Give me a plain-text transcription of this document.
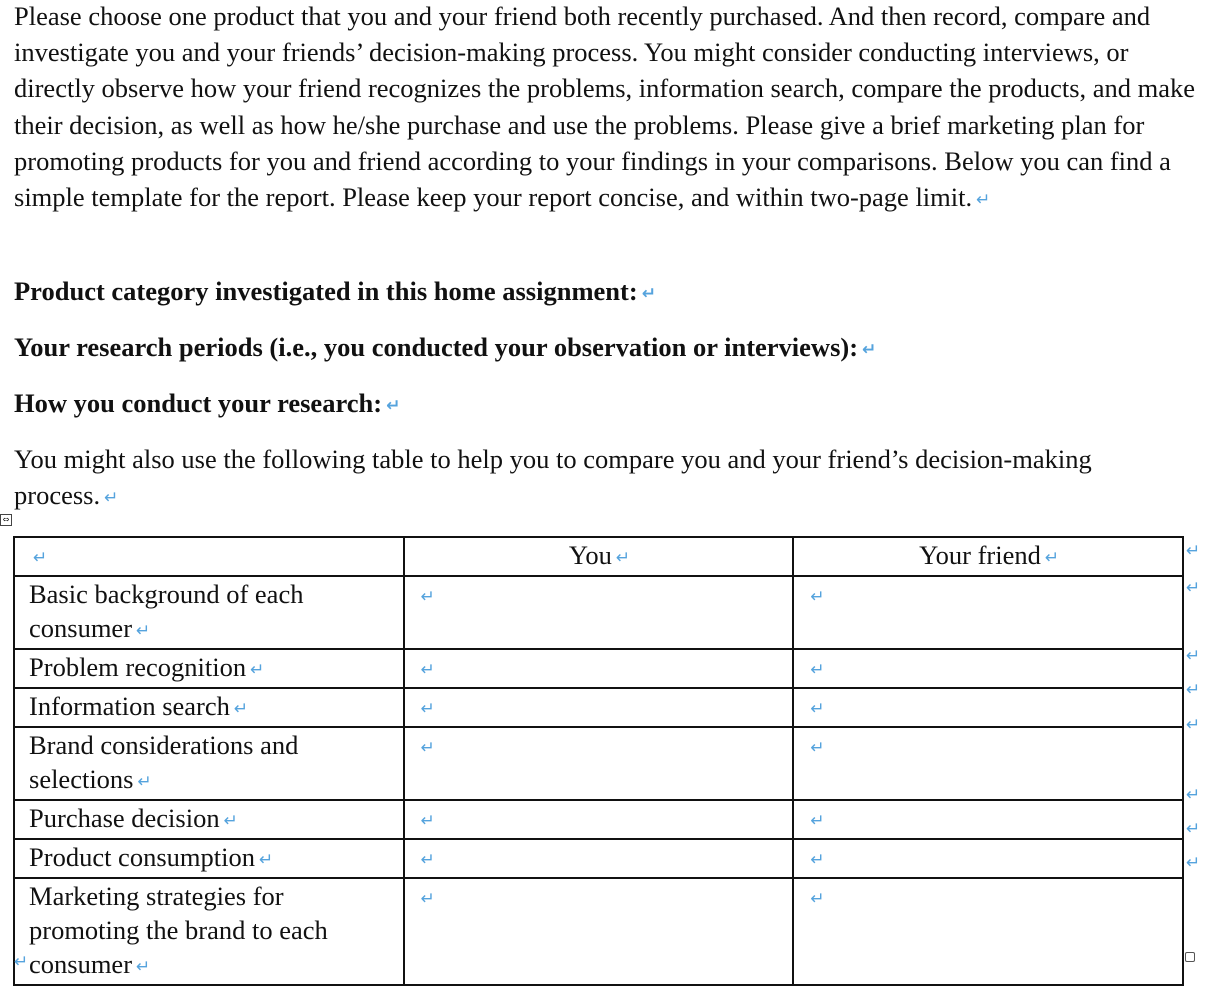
Please choose one product that you and your friend both recently purchased. And then record, compare and investigate you and your friends’ decision-making process. You might consider conducting interviews, or directly observe how your friend recognizes the problems, information search, compare the products, and make their decision, as well as how he/she purchase and use the problems. Please give a brief marketing plan for promoting products for you and friend according to your findings in your comparisons. Below you can find a simple template for the report. Please keep your report concise, and within two-page limit. ↵

Product category investigated in this home assignment: ↵

Your research periods (i.e., you conducted your observation or interviews): ↵

How you conduct your research: ↵

You might also use the following table to help you to compare you and your friend’s decision-making process. ↵

⇔
↵	You ↵	Your friend ↵
Basic background of each consumer ↵	↵	↵
Problem recognition ↵	↵	↵
Information search ↵	↵	↵
Brand considerations and selections ↵	↵	↵
Purchase decision ↵	↵	↵
Product consumption ↵	↵	↵
Marketing strategies for promoting the brand to each consumer ↵	↵	↵
↵
↵
↵
↵
↵
↵
↵
↵
↵
